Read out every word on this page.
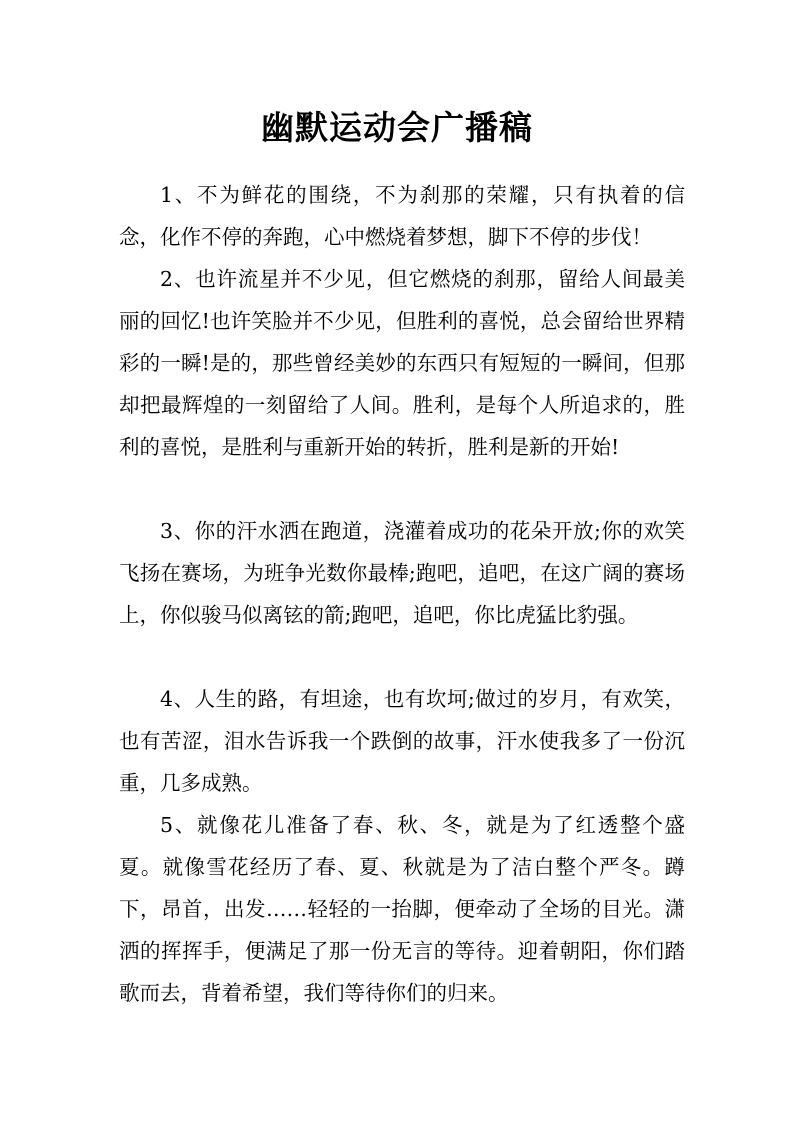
幽默运动会广播稿

1、不为鲜花的围绕，不为刹那的荣耀，只有执着的信念，化作不停的奔跑，心中燃烧着梦想，脚下不停的步伐！

2、也许流星并不少见，但它燃烧的刹那，留给人间最美丽的回忆!也许笑脸并不少见，但胜利的喜悦，总会留给世界精彩的一瞬!是的，那些曾经美妙的东西只有短短的一瞬间，但那却把最辉煌的一刻留给了人间。胜利，是每个人所追求的，胜利的喜悦，是胜利与重新开始的转折，胜利是新的开始!

3、你的汗水洒在跑道，浇灌着成功的花朵开放;你的欢笑飞扬在赛场，为班争光数你最棒;跑吧，追吧，在这广阔的赛场上，你似骏马似离铉的箭;跑吧，追吧，你比虎猛比豹强。

4、人生的路，有坦途，也有坎坷;做过的岁月，有欢笑，也有苦涩，泪水告诉我一个跌倒的故事，汗水使我多了一份沉重，几多成熟。

5、就像花儿准备了春、秋、冬，就是为了红透整个盛夏。就像雪花经历了春、夏、秋就是为了洁白整个严冬。蹲下，昂首，出发……轻轻的一抬脚，便牵动了全场的目光。潇洒的挥挥手，便满足了那一份无言的等待。迎着朝阳，你们踏歌而去，背着希望，我们等待你们的归来。
